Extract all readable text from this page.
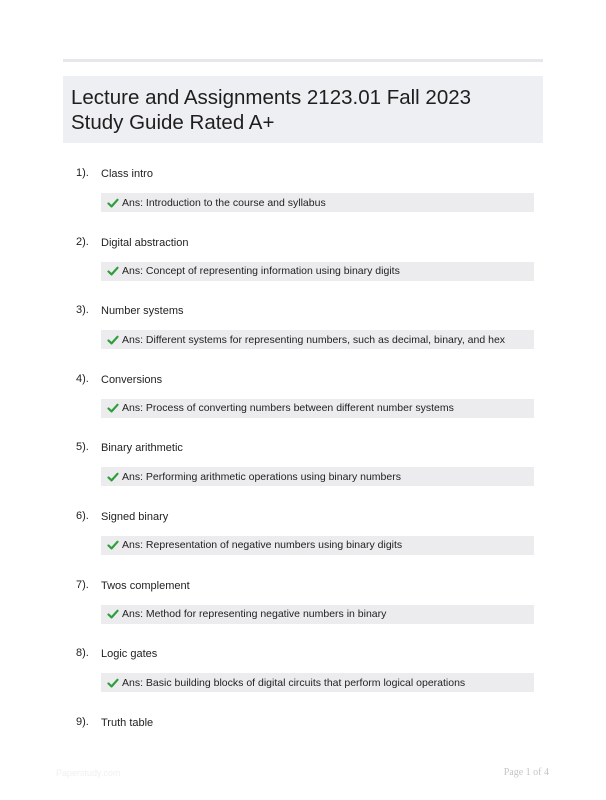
Lecture and Assignments 2123.01 Fall 2023
Study Guide Rated A+
1). Class intro
Ans: Introduction to the course and syllabus
2). Digital abstraction
Ans: Concept of representing information using binary digits
3). Number systems
Ans: Different systems for representing numbers, such as decimal, binary, and hex
4). Conversions
Ans: Process of converting numbers between different number systems
5). Binary arithmetic
Ans: Performing arithmetic operations using binary numbers
6). Signed binary
Ans: Representation of negative numbers using binary digits
7). Twos complement
Ans: Method for representing negative numbers in binary
8). Logic gates
Ans: Basic building blocks of digital circuits that perform logical operations
9). Truth table
Paperstudy.com	Page 1 of 4
